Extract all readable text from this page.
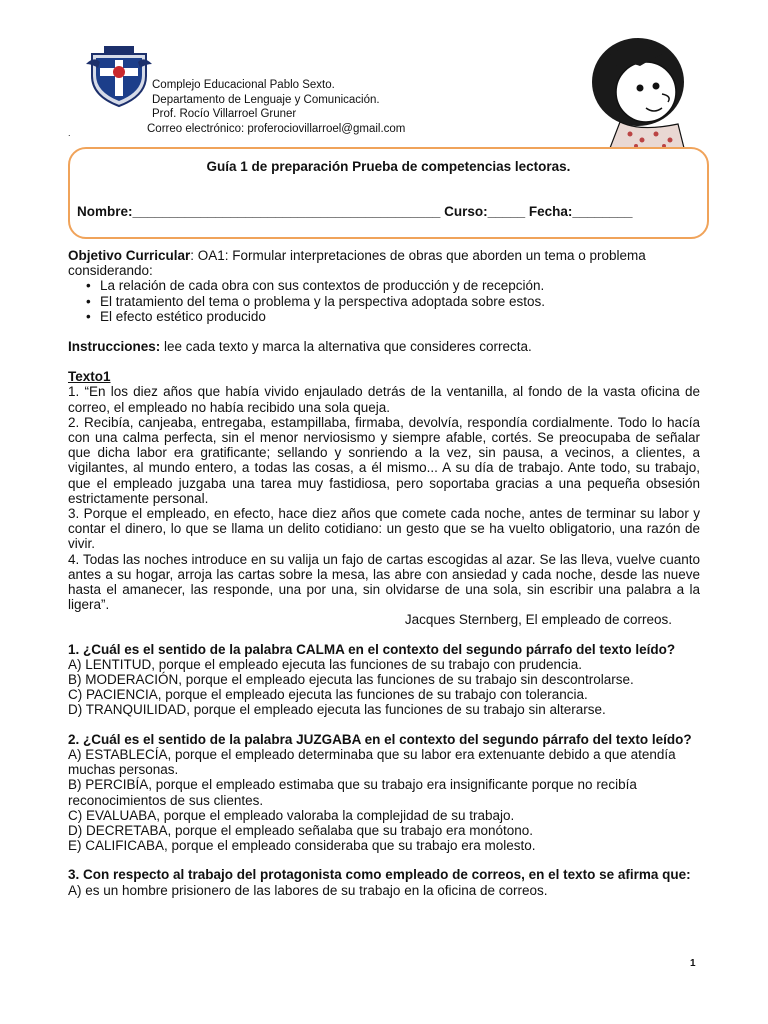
Complejo Educacional Pablo Sexto.
Departamento de Lenguaje y Comunicación.
Prof. Rocío Villarroel Gruner
Correo electrónico: proferociovillarroel@gmail.com
.
Guía 1 de preparación Prueba de competencias lectoras.
Nombre:_________________________________________ Curso:_____ Fecha:________

Objetivo Curricular: OA1: Formular interpretaciones de obras que aborden un tema o problema considerando:

• La relación de cada obra con sus contextos de producción y de recepción.
• El tratamiento del tema o problema y la perspectiva adoptada sobre estos.
• El efecto estético producido

Instrucciones: lee cada texto y marca la alternativa que consideres correcta.

Texto1

1. “En los diez años que había vivido enjaulado detrás de la ventanilla, al fondo de la vasta oficina de correo, el empleado no había recibido una sola queja.

2. Recibía, canjeaba, entregaba, estampillaba, firmaba, devolvía, respondía cordialmente. Todo lo hacía con una calma perfecta, sin el menor nerviosismo y siempre afable, cortés. Se preocupaba de señalar que dicha labor era gratificante; sellando y sonriendo a la vez, sin pausa, a vecinos, a clientes, a vigilantes, al mundo entero, a todas las cosas, a él mismo... A su día de trabajo. Ante todo, su trabajo, que el empleado juzgaba una tarea muy fastidiosa, pero soportaba gracias a una pequeña obsesión estrictamente personal.

3. Porque el empleado, en efecto, hace diez años que comete cada noche, antes de terminar su labor y contar el dinero, lo que se llama un delito cotidiano: un gesto que se ha vuelto obligatorio, una razón de vivir.

4. Todas las noches introduce en su valija un fajo de cartas escogidas al azar. Se las lleva, vuelve cuanto antes a su hogar, arroja las cartas sobre la mesa, las abre con ansiedad y cada noche, desde las nueve hasta el amanecer, las responde, una por una, sin olvidarse de una sola, sin escribir una palabra a la ligera”.

Jacques Sternberg, El empleado de correos.

1. ¿Cuál es el sentido de la palabra CALMA en el contexto del segundo párrafo del texto leído?

A) LENTITUD, porque el empleado ejecuta las funciones de su trabajo con prudencia.

B) MODERACIÓN, porque el empleado ejecuta las funciones de su trabajo sin descontrolarse.

C) PACIENCIA, porque el empleado ejecuta las funciones de su trabajo con tolerancia.

D) TRANQUILIDAD, porque el empleado ejecuta las funciones de su trabajo sin alterarse.

2. ¿Cuál es el sentido de la palabra JUZGABA en el contexto del segundo párrafo del texto leído?

A) ESTABLECÍA, porque el empleado determinaba que su labor era extenuante debido a que atendía muchas personas.

B) PERCIBÍA, porque el empleado estimaba que su trabajo era insignificante porque no recibía reconocimientos de sus clientes.

C) EVALUABA, porque el empleado valoraba la complejidad de su trabajo.

D) DECRETABA, porque el empleado señalaba que su trabajo era monótono.

E) CALIFICABA, porque el empleado consideraba que su trabajo era molesto.

3. Con respecto al trabajo del protagonista como empleado de correos, en el texto se afirma que:

A) es un hombre prisionero de las labores de su trabajo en la oficina de correos.

1
